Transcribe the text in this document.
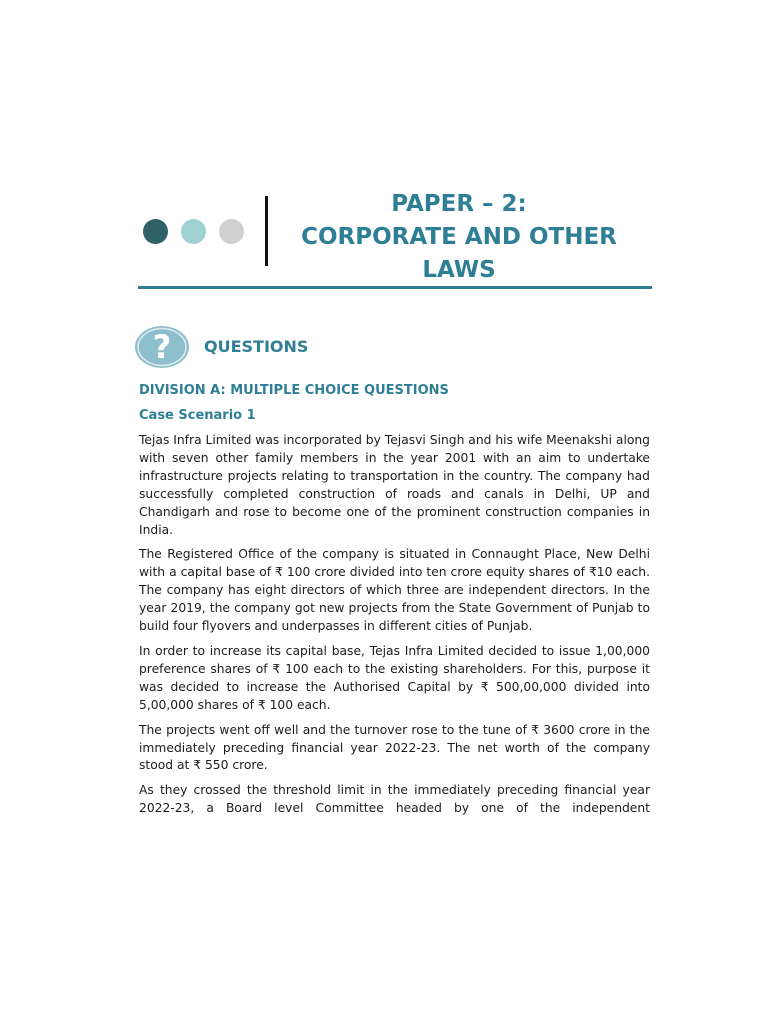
PAPER – 2:
CORPORATE AND OTHER
LAWS
? QUESTIONS
DIVISION A: MULTIPLE CHOICE QUESTIONS
Case Scenario 1

Tejas Infra Limited was incorporated by Tejasvi Singh and his wife Meenakshi along with seven other family members in the year 2001 with an aim to undertake infrastructure projects relating to transportation in the country. The company had successfully completed construction of roads and canals in Delhi, UP and Chandigarh and rose to become one of the prominent construction companies in India.

The Registered Office of the company is situated in Connaught Place, New Delhi with a capital base of ₹ 100 crore divided into ten crore equity shares of ₹10 each. The company has eight directors of which three are independent directors. In the year 2019, the company got new projects from the State Government of Punjab to build four flyovers and underpasses in different cities of Punjab.

In order to increase its capital base, Tejas Infra Limited decided to issue 1,00,000 preference shares of ₹ 100 each to the existing shareholders. For this, purpose it was decided to increase the Authorised Capital by ₹ 500,00,000 divided into 5,00,000 shares of ₹ 100 each.

The projects went off well and the turnover rose to the tune of ₹ 3600 crore in the immediately preceding financial year 2022-23. The net worth of the company stood at ₹ 550 crore.

As they crossed the threshold limit in the immediately preceding financial year 2022-23, a Board level Committee headed by one of the independent
